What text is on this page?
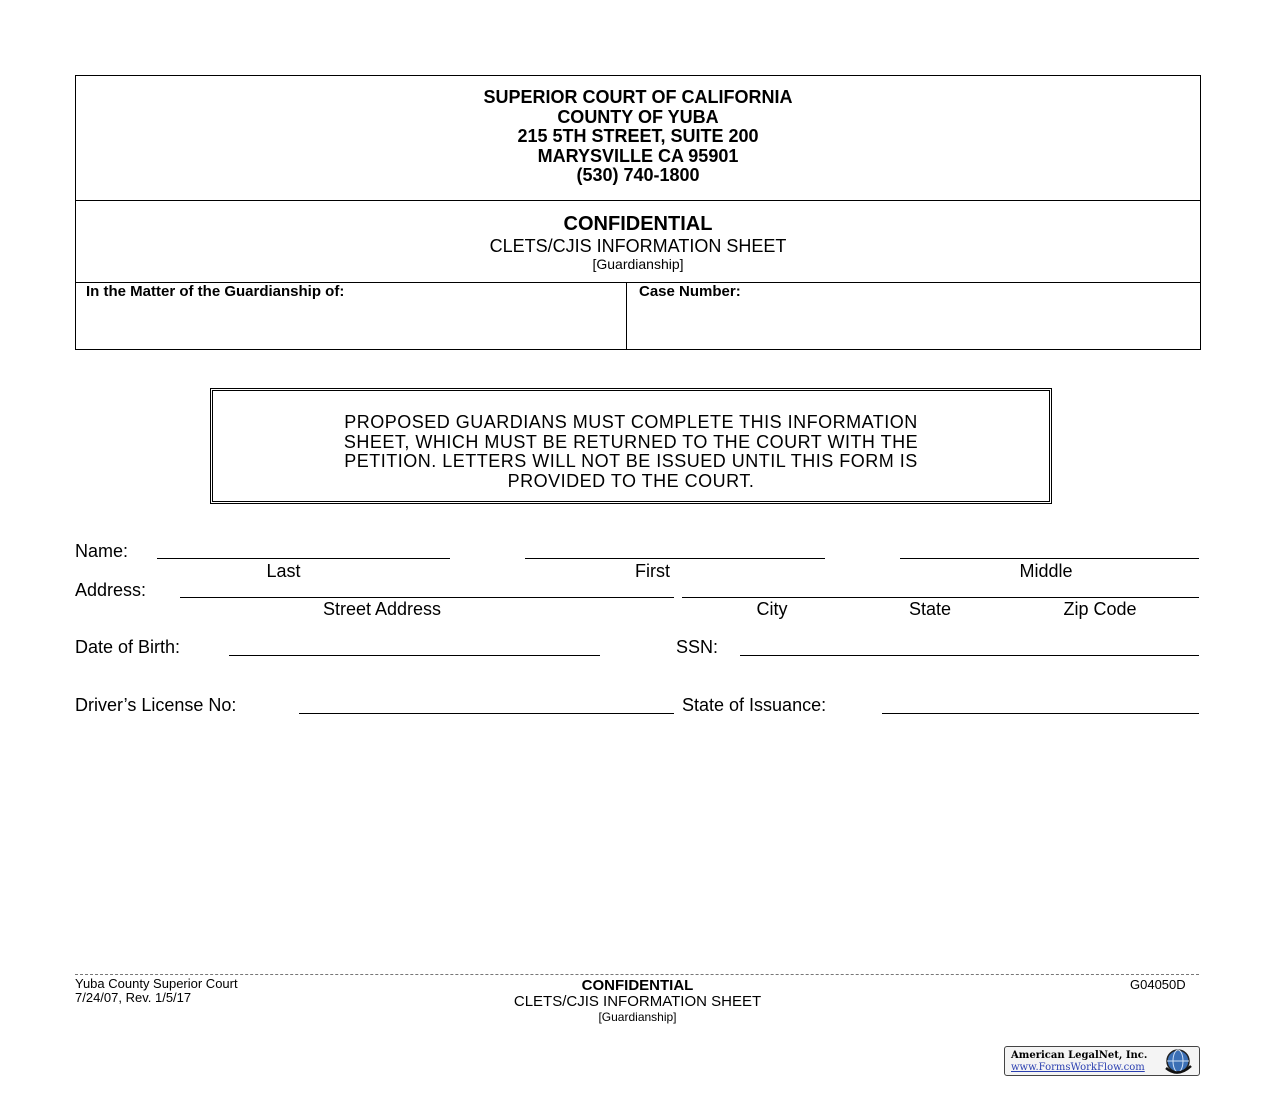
SUPERIOR COURT OF CALIFORNIA
COUNTY OF YUBA
215 5TH STREET, SUITE 200
MARYSVILLE CA 95901
(530) 740-1800
CONFIDENTIAL
CLETS/CJIS INFORMATION SHEET
[Guardianship]
In the Matter of the Guardianship of:	Case Number:
PROPOSED GUARDIANS MUST COMPLETE THIS INFORMATION
SHEET, WHICH MUST BE RETURNED TO THE COURT WITH THE
PETITION. LETTERS WILL NOT BE ISSUED UNTIL THIS FORM IS
PROVIDED TO THE COURT.
Name:
Last	First	Middle
Address:
Street Address	City	State	Zip Code
Date of Birth:	SSN:
Driver’s License No:	State of Issuance:
Yuba County Superior Court
7/24/07, Rev. 1/5/17
CONFIDENTIAL
CLETS/CJIS INFORMATION SHEET
[Guardianship]
G04050D
American LegalNet, Inc.
www.FormsWorkFlow.com
